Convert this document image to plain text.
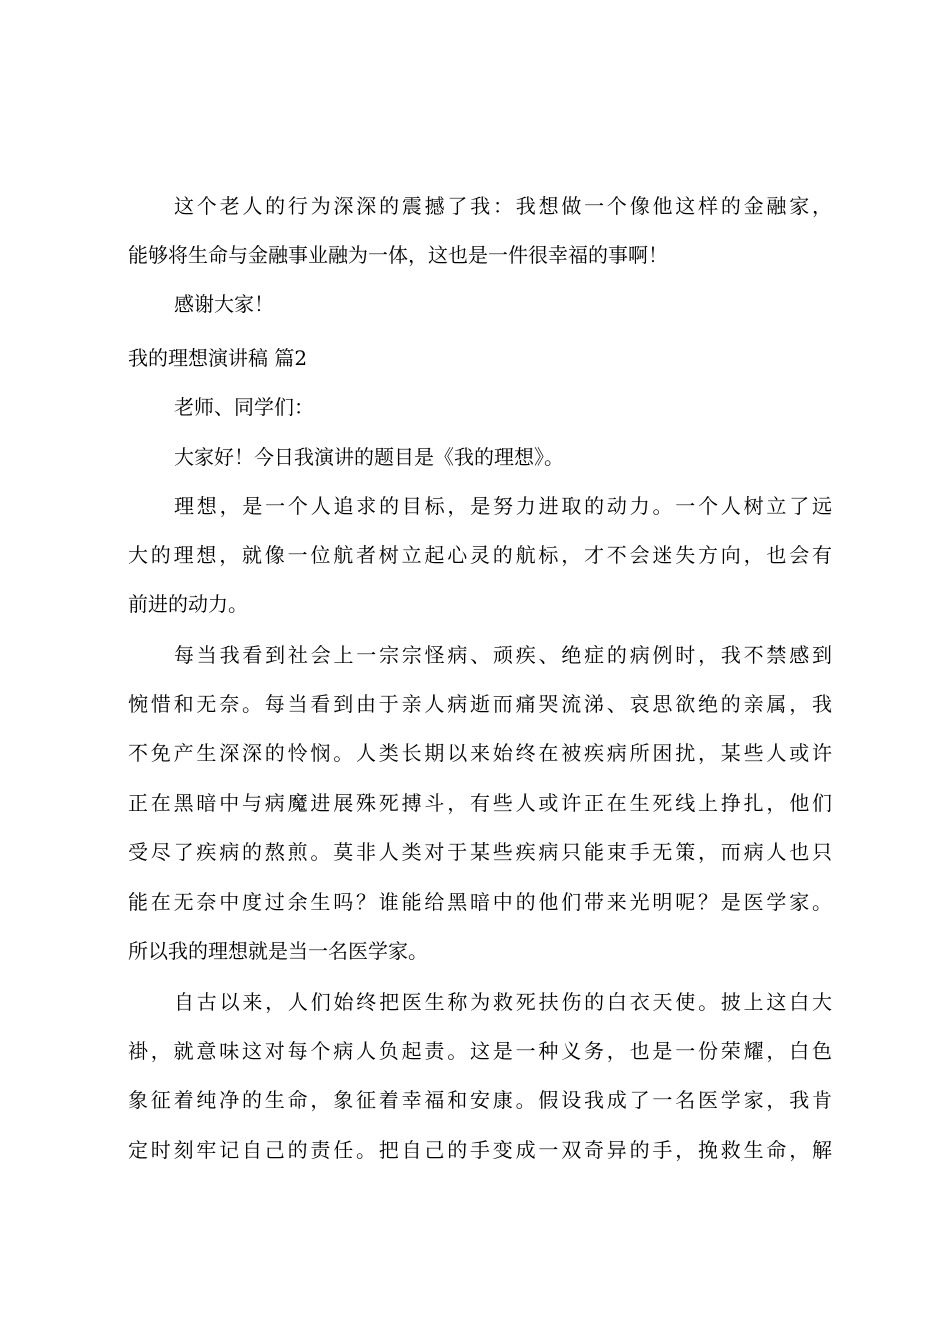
这个老人的行为深深的震撼了我：我想做一个像他这样的金融家，
能够将生命与金融事业融为一体，这也是一件很幸福的事啊！
感谢大家！
我的理想演讲稿 篇2
老师、同学们：
大家好！今日我演讲的题目是《我的理想》。
理想，是一个人追求的目标，是努力进取的动力。一个人树立了远
大的理想，就像一位航者树立起心灵的航标，才不会迷失方向，也会有
前进的动力。
每当我看到社会上一宗宗怪病、顽疾、绝症的病例时，我不禁感到
惋惜和无奈。每当看到由于亲人病逝而痛哭流涕、哀思欲绝的亲属，我
不免产生深深的怜悯。人类长期以来始终在被疾病所困扰，某些人或许
正在黑暗中与病魔进展殊死搏斗，有些人或许正在生死线上挣扎，他们
受尽了疾病的熬煎。莫非人类对于某些疾病只能束手无策，而病人也只
能在无奈中度过余生吗？谁能给黑暗中的他们带来光明呢？是医学家。
所以我的理想就是当一名医学家。
自古以来，人们始终把医生称为救死扶伤的白衣天使。披上这白大
褂，就意味这对每个病人负起责。这是一种义务，也是一份荣耀，白色
象征着纯净的生命，象征着幸福和安康。假设我成了一名医学家，我肯
定时刻牢记自己的责任。把自己的手变成一双奇异的手，挽救生命，解
